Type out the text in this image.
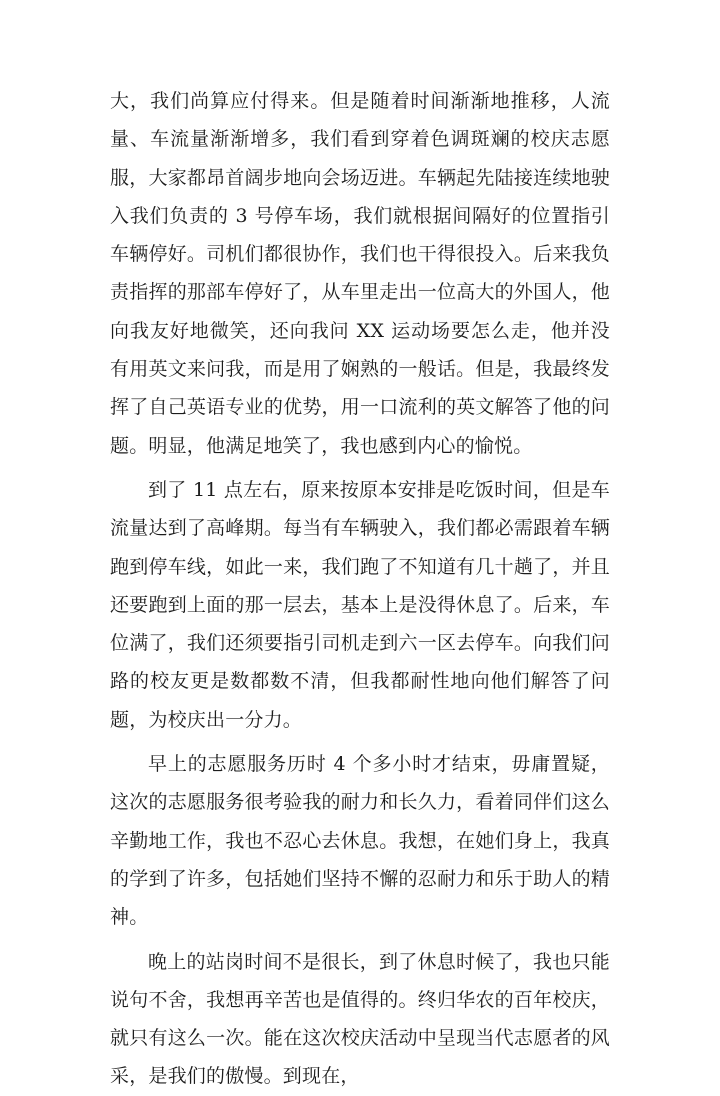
大，我们尚算应付得来。但是随着时间渐渐地推移，人流量、车流量渐渐增多，我们看到穿着色调斑斓的校庆志愿服，大家都昂首阔步地向会场迈进。车辆起先陆接连续地驶入我们负责的 3 号停车场，我们就根据间隔好的位置指引车辆停好。司机们都很协作，我们也干得很投入。后来我负责指挥的那部车停好了，从车里走出一位高大的外国人，他向我友好地微笑，还向我问 XX 运动场要怎么走，他并没有用英文来问我，而是用了娴熟的一般话。但是，我最终发挥了自己英语专业的优势，用一口流利的英文解答了他的问题。明显，他满足地笑了，我也感到内心的愉悦。

到了 11 点左右，原来按原本安排是吃饭时间，但是车流量达到了高峰期。每当有车辆驶入，我们都必需跟着车辆跑到停车线，如此一来，我们跑了不知道有几十趟了，并且还要跑到上面的那一层去，基本上是没得休息了。后来，车位满了，我们还须要指引司机走到六一区去停车。向我们问路的校友更是数都数不清，但我都耐性地向他们解答了问题，为校庆出一分力。

早上的志愿服务历时 4 个多小时才结束，毋庸置疑，这次的志愿服务很考验我的耐力和长久力，看着同伴们这么辛勤地工作，我也不忍心去休息。我想，在她们身上，我真的学到了许多，包括她们坚持不懈的忍耐力和乐于助人的精神。

晚上的站岗时间不是很长，到了休息时候了，我也只能说句不舍，我想再辛苦也是值得的。终归华农的百年校庆，就只有这么一次。能在这次校庆活动中呈现当代志愿者的风采，是我们的傲慢。到现在，
